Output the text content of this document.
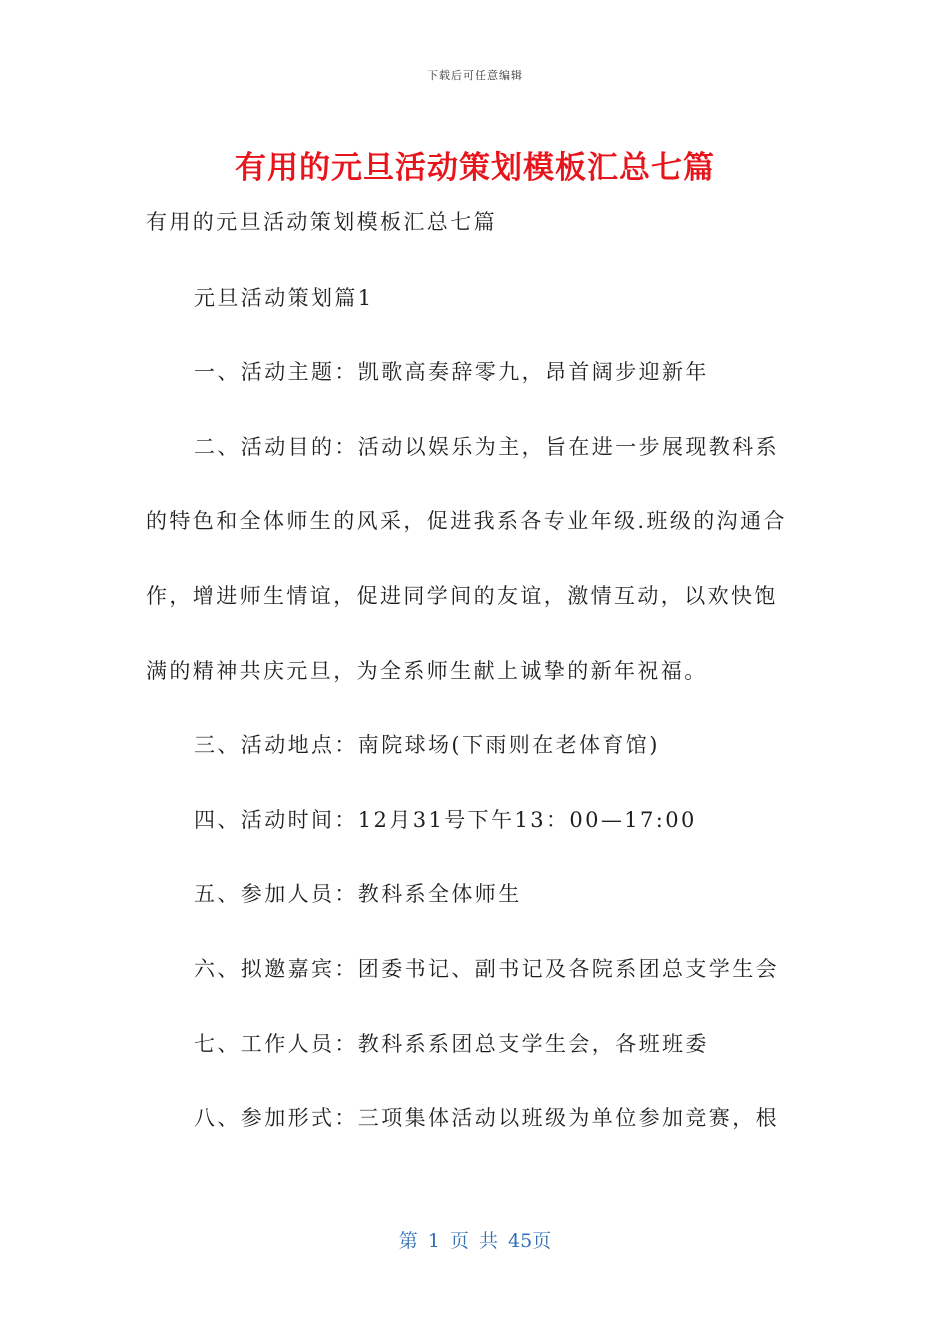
下载后可任意编辑
有用的元旦活动策划模板汇总七篇
有用的元旦活动策划模板汇总七篇
元旦活动策划篇1
一、活动主题：凯歌高奏辞零九，昂首阔步迎新年
二、活动目的：活动以娱乐为主，旨在进一步展现教科系
的特色和全体师生的风采，促进我系各专业年级.班级的沟通合
作，增进师生情谊，促进同学间的友谊，激情互动，以欢快饱
满的精神共庆元旦，为全系师生献上诚挚的新年祝福。
三、活动地点：南院球场(下雨则在老体育馆)
四、活动时间：12月31号下午13：00—17:00
五、参加人员：教科系全体师生
六、拟邀嘉宾：团委书记、副书记及各院系团总支学生会
七、工作人员：教科系系团总支学生会，各班班委
八、参加形式：三项集体活动以班级为单位参加竞赛，根
第 1 页 共 45页
